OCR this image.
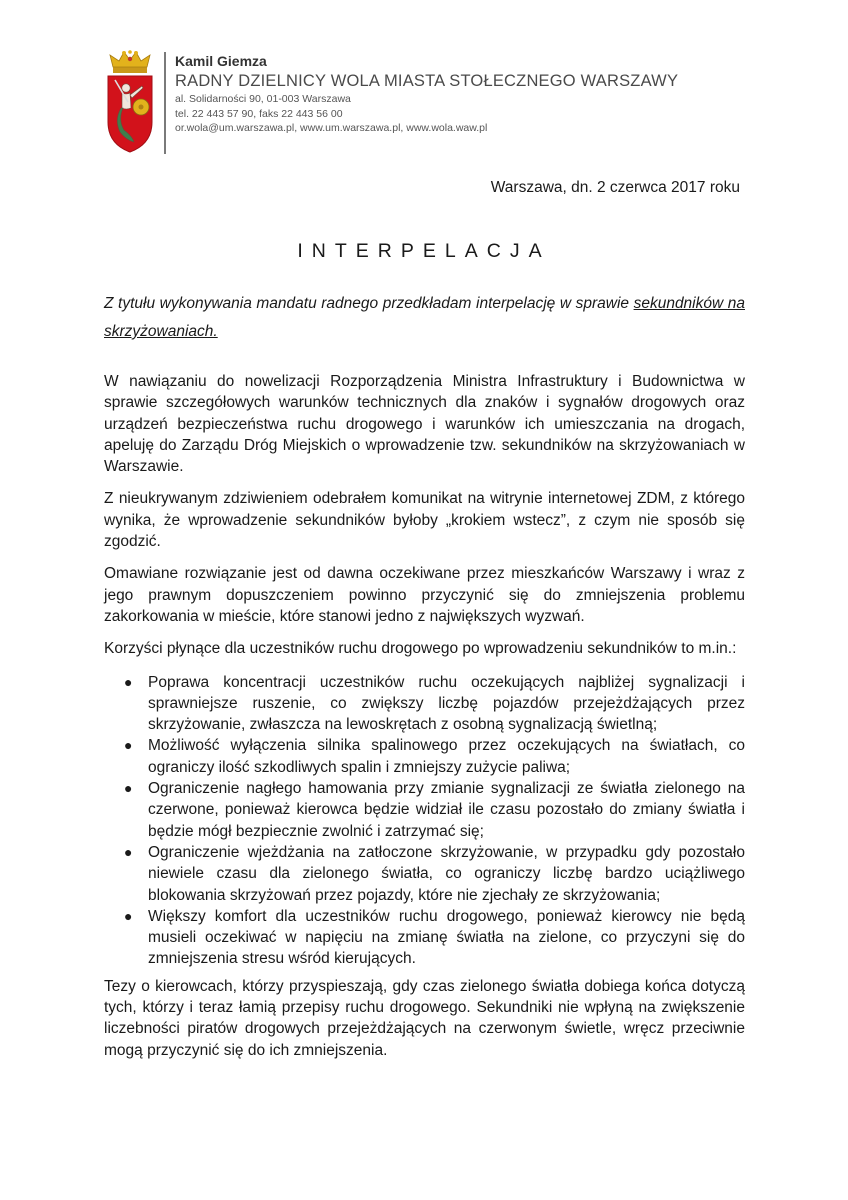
Kamil Giemza

RADNY DZIELNICY WOLA MIASTA STOŁECZNEGO WARSZAWY

al. Solidarności 90, 01-003 Warszawa

tel. 22 443 57 90, faks 22 443 56 00

or.wola@um.warszawa.pl, www.um.warszawa.pl, www.wola.waw.pl

Warszawa, dn. 2 czerwca 2017 roku
INTERPELACJA

Z tytułu wykonywania mandatu radnego przedkładam interpelację w sprawie sekundników na skrzyżowaniach.

W nawiązaniu do nowelizacji Rozporządzenia Ministra Infrastruktury i Budownictwa w sprawie szczegółowych warunków technicznych dla znaków i sygnałów drogowych oraz urządzeń bezpieczeństwa ruchu drogowego i warunków ich umieszczania na drogach, apeluję do Zarządu Dróg Miejskich o wprowadzenie tzw. sekundników na skrzyżowaniach w Warszawie.

Z nieukrywanym zdziwieniem odebrałem komunikat na witrynie internetowej ZDM, z którego wynika, że wprowadzenie sekundników byłoby „krokiem wstecz”, z czym nie sposób się zgodzić.

Omawiane rozwiązanie jest od dawna oczekiwane przez mieszkańców Warszawy i wraz z jego prawnym dopuszczeniem powinno przyczynić się do zmniejszenia problemu zakorkowania w mieście, które stanowi jedno z największych wyzwań.

Korzyści płynące dla uczestników ruchu drogowego po wprowadzeniu sekundników to m.in.:

● Poprawa koncentracji uczestników ruchu oczekujących najbliżej sygnalizacji i sprawniejsze ruszenie, co zwiększy liczbę pojazdów przejeżdżających przez skrzyżowanie, zwłaszcza na lewoskrętach z osobną sygnalizacją świetlną;
● Możliwość wyłączenia silnika spalinowego przez oczekujących na światłach, co ograniczy ilość szkodliwych spalin i zmniejszy zużycie paliwa;
● Ograniczenie nagłego hamowania przy zmianie sygnalizacji ze światła zielonego na czerwone, ponieważ kierowca będzie widział ile czasu pozostało do zmiany światła i będzie mógł bezpiecznie zwolnić i zatrzymać się;
● Ograniczenie wjeżdżania na zatłoczone skrzyżowanie, w przypadku gdy pozostało niewiele czasu dla zielonego światła, co ograniczy liczbę bardzo uciążliwego blokowania skrzyżowań przez pojazdy, które nie zjechały ze skrzyżowania;
● Większy komfort dla uczestników ruchu drogowego, ponieważ kierowcy nie będą musieli oczekiwać w napięciu na zmianę światła na zielone, co przyczyni się do zmniejszenia stresu wśród kierujących.

Tezy o kierowcach, którzy przyspieszają, gdy czas zielonego światła dobiega końca dotyczą tych, którzy i teraz łamią przepisy ruchu drogowego. Sekundniki nie wpłyną na zwiększenie liczebności piratów drogowych przejeżdżających na czerwonym świetle, wręcz przeciwnie mogą przyczynić się do ich zmniejszenia.
